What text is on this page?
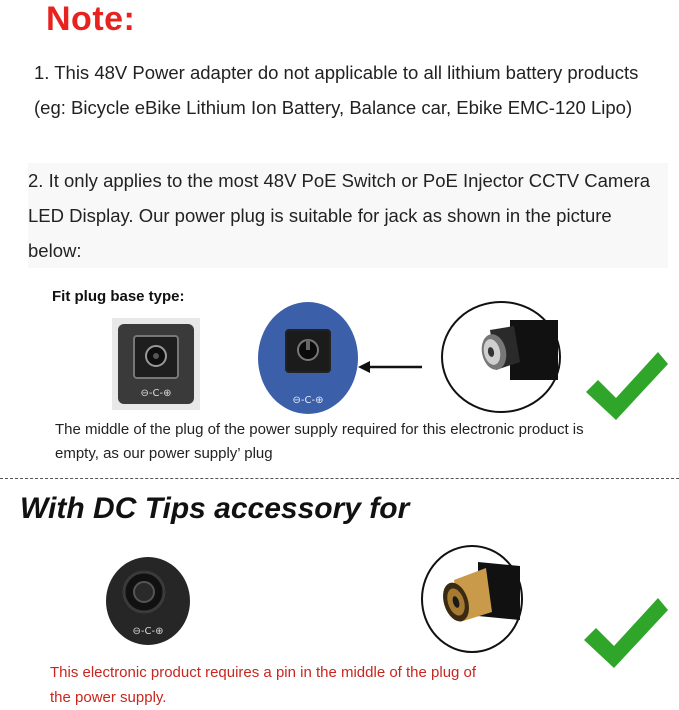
Note:
1. This 48V Power adapter do not applicable to all lithium battery products (eg: Bicycle eBike Lithium Ion Battery, Balance car, Ebike EMC-120 Lipo)
2. It only applies to the most 48V PoE Switch or PoE Injector CCTV Camera LED Display. Our power plug is suitable for jack as shown in the picture below:
Fit plug base type:
⊖-C-⊕
⊖-C-⊕
The middle of the plug of the power supply required for this electronic product is empty, as our power supply’ plug
With DC Tips accessory for
⊖-C-⊕
This electronic product requires a pin in the middle of the plug of the power supply.
